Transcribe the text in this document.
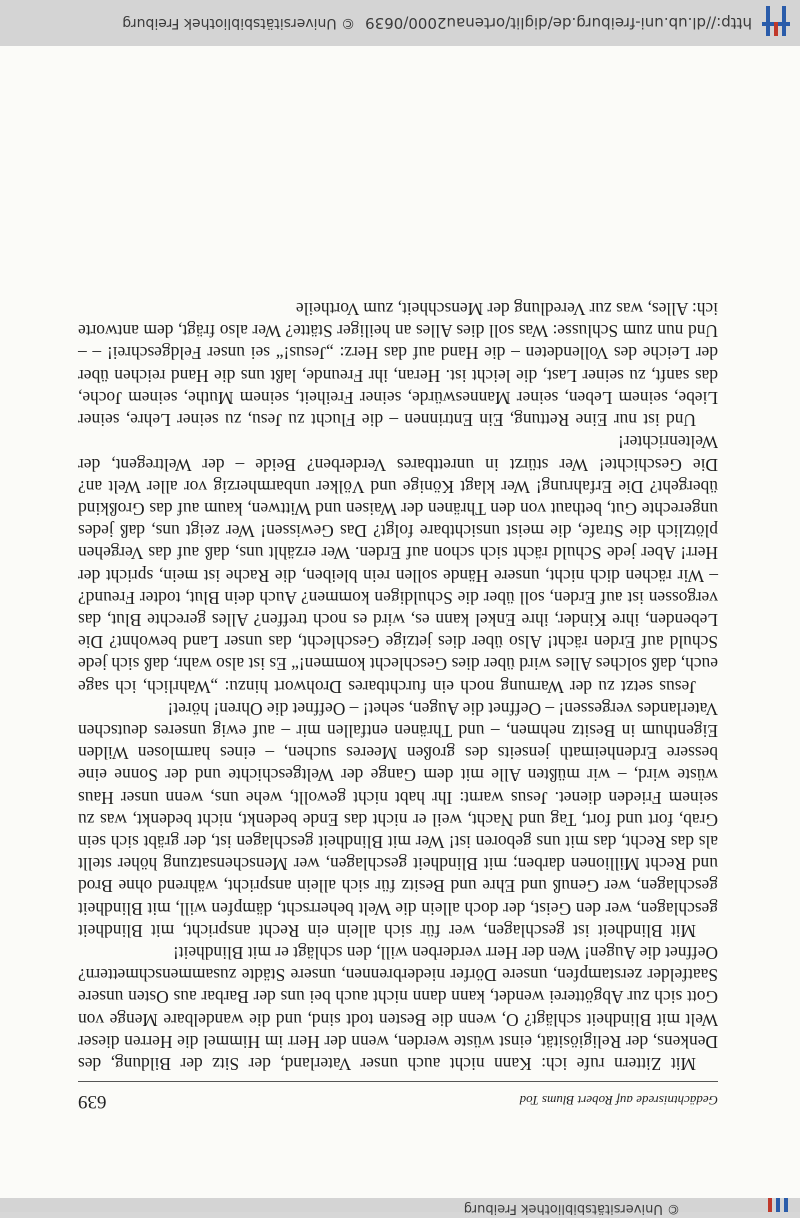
© Universitätsbibliothek Freiburg
Gedächtnisrede auf Robert Blums Tod
639

Mit Zittern rufe ich: Kann nicht auch unser Vaterland, der Sitz der Bildung, des Denkens, der Religiösität, einst wüste werden, wenn der Herr im Himmel die Herren dieser Welt mit Blindheit schlägt? O, wenn die Besten todt sind, und die wandelbare Menge von Gott sich zur Abgötterei wendet, kann dann nicht auch bei uns der Barbar aus Osten unsere Saatfelder zerstampfen, unsere Dörfer niederbrennen, unsere Städte zusammenschmettern? Oeffnet die Augen! Wen der Herr verderben will, den schlägt er mit Blindheit!

Mit Blindheit ist geschlagen, wer für sich allein ein Recht anspricht, mit Blindheit geschlagen, wer den Geist, der doch allein die Welt beherrscht, dämpfen will, mit Blindheit geschlagen, wer Genuß und Ehre und Besitz für sich allein anspricht, während ohne Brod und Recht Millionen darben; mit Blindheit geschlagen, wer Menschensatzung höher stellt als das Recht, das mit uns geboren ist! Wer mit Blindheit geschlagen ist, der gräbt sich sein Grab, fort und fort, Tag und Nacht, weil er nicht das Ende bedenkt, nicht bedenkt, was zu seinem Frieden dienet. Jesus warnt: Ihr habt nicht gewollt, wehe uns, wenn unser Haus wüste wird, – wir müßten Alle mit dem Gange der Weltgeschichte und der Sonne eine bessere Erdenheimath jenseits des großen Meeres suchen, – eines harmlosen Wilden Eigenthum in Besitz nehmen, – und Thränen entfallen mir – auf ewig unseres deutschen Vaterlandes vergessen! – Oeffnet die Augen, sehet! – Oeffnet die Ohren! höret!

Jesus setzt zu der Warnung noch ein furchtbares Drohwort hinzu: „Wahrlich, ich sage euch, daß solches Alles wird über dies Geschlecht kommen!“ Es ist also wahr, daß sich jede Schuld auf Erden rächt! Also über dies jetzige Geschlecht, das unser Land bewohnt? Die Lebenden, ihre Kinder, ihre Enkel kann es, wird es noch treffen? Alles gerechte Blut, das vergossen ist auf Erden, soll über die Schuldigen kommen? Auch dein Blut, todter Freund? – Wir rächen dich nicht, unsere Hände sollen rein bleiben, die Rache ist mein, spricht der Herr! Aber jede Schuld rächt sich schon auf Erden. Wer erzählt uns, daß auf das Vergehen plötzlich die Strafe, die meist unsichtbare folgt? Das Gewissen! Wer zeigt uns, daß jedes ungerechte Gut, bethaut von den Thränen der Waisen und Wittwen, kaum auf das Großkind übergeht? Die Erfahrung! Wer klagt Könige und Völker unbarmherzig vor aller Welt an? Die Geschichte! Wer stürzt in unrettbares Verderben? Beide – der Weltregent, der Weltenrichter!

Und ist nur Eine Rettung, Ein Entrinnen – die Flucht zu Jesu, zu seiner Lehre, seiner Liebe, seinem Leben, seiner Manneswürde, seiner Freiheit, seinem Muthe, seinem Joche, das sanft, zu seiner Last, die leicht ist. Heran, ihr Freunde, laßt uns die Hand reichen über der Leiche des Vollendeten – die Hand auf das Herz: „Jesus!“ sei unser Feldgeschrei! – – Und nun zum Schlusse: Was soll dies Alles an heiliger Stätte? Wer also frägt, dem antworte ich: Alles, was zur Veredlung der Menschheit, zum Vortheile

http://dl.ub.uni-freiburg.de/diglit/ortenau2000/0639
© Universitätsbibliothek Freiburg
